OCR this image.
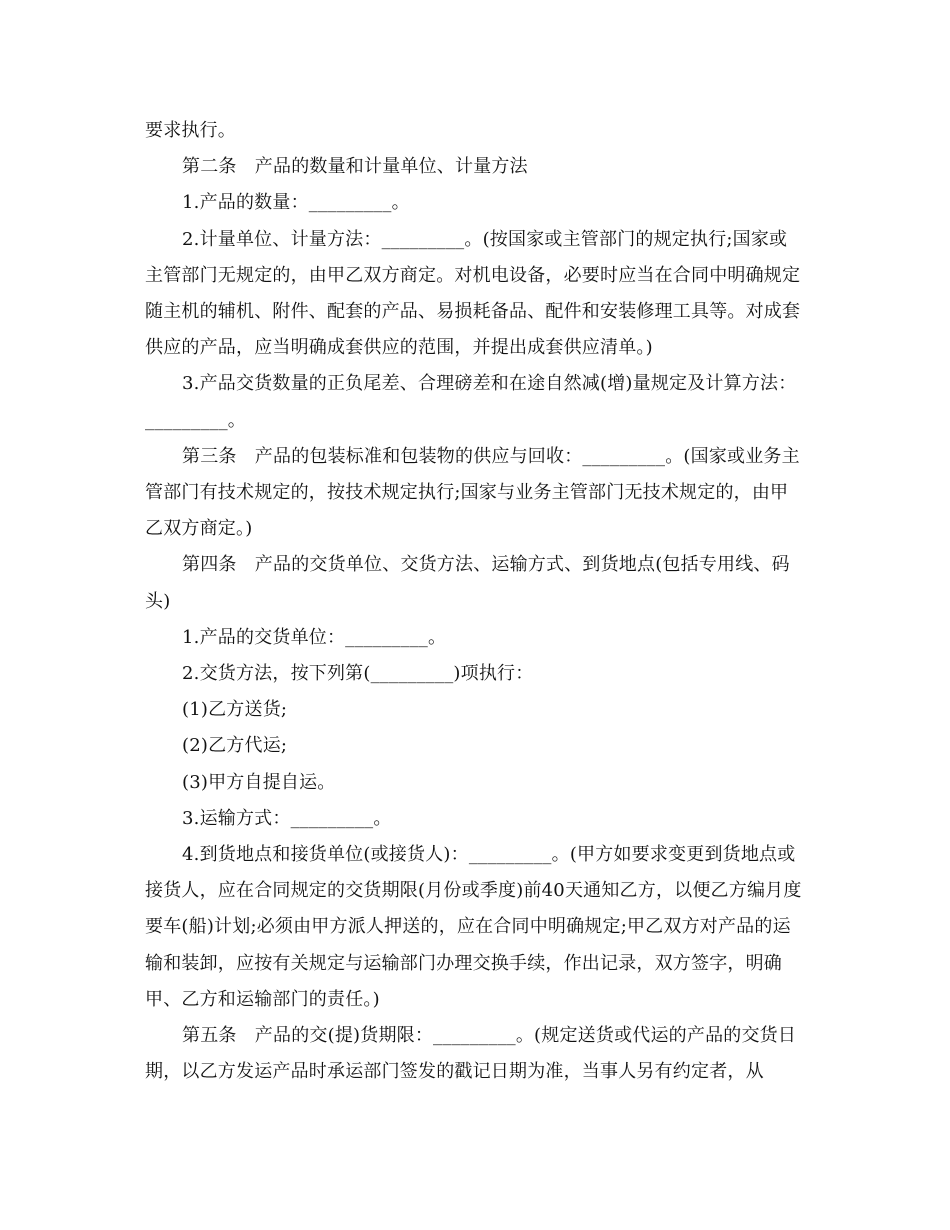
要求执行。

第二条　产品的数量和计量单位、计量方法

1.产品的数量：_________。

2.计量单位、计量方法：_________。(按国家或主管部门的规定执行;国家或主管部门无规定的，由甲乙双方商定。对机电设备，必要时应当在合同中明确规定随主机的辅机、附件、配套的产品、易损耗备品、配件和安装修理工具等。对成套供应的产品，应当明确成套供应的范围，并提出成套供应清单。)

3.产品交货数量的正负尾差、合理磅差和在途自然减(增)量规定及计算方法：_________。

第三条　产品的包装标准和包装物的供应与回收：_________。(国家或业务主管部门有技术规定的，按技术规定执行;国家与业务主管部门无技术规定的，由甲乙双方商定。)

第四条　产品的交货单位、交货方法、运输方式、到货地点(包括专用线、码头)

1.产品的交货单位：_________。

2.交货方法，按下列第(_________)项执行：

(1)乙方送货;

(2)乙方代运;

(3)甲方自提自运。

3.运输方式：_________。

4.到货地点和接货单位(或接货人)：_________。(甲方如要求变更到货地点或接货人，应在合同规定的交货期限(月份或季度)前40天通知乙方，以便乙方编月度要车(船)计划;必须由甲方派人押送的，应在合同中明确规定;甲乙双方对产品的运输和装卸，应按有关规定与运输部门办理交换手续，作出记录，双方签字，明确甲、乙方和运输部门的责任。)

第五条　产品的交(提)货期限：_________。(规定送货或代运的产品的交货日期，以乙方发运产品时承运部门签发的戳记日期为准，当事人另有约定者，从
